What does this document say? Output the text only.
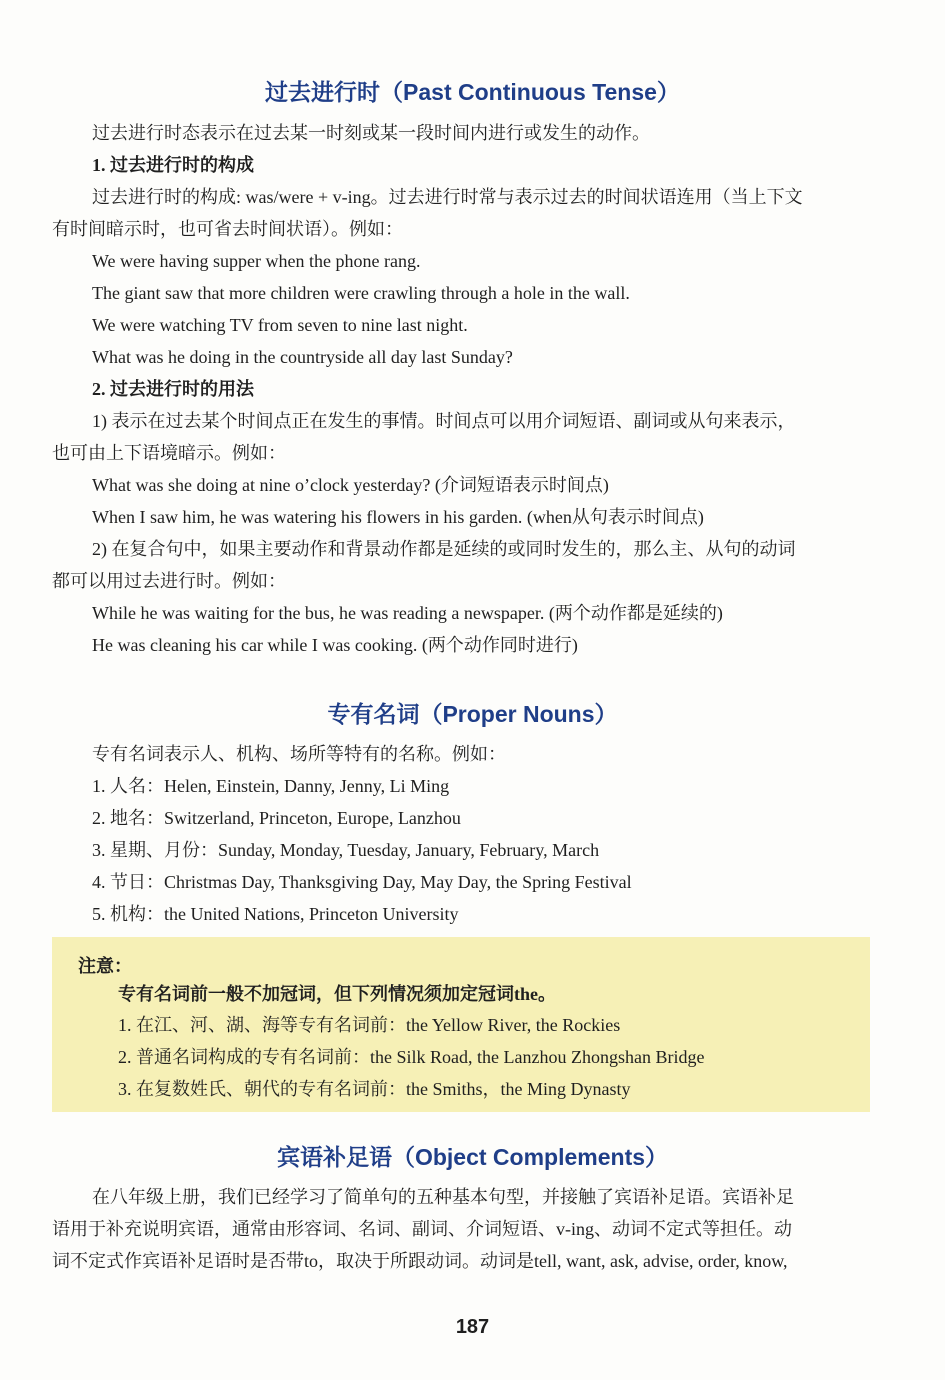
过去进行时（Past Continuous Tense）
过去进行时态表示在过去某一时刻或某一段时间内进行或发生的动作。
1. 过去进行时的构成
过去进行时的构成: was/were + v-ing。过去进行时常与表示过去的时间状语连用（当上下文
有时间暗示时，也可省去时间状语）。例如：
We were having supper when the phone rang.
The giant saw that more children were crawling through a hole in the wall.
We were watching TV from seven to nine last night.
What was he doing in the countryside all day last Sunday?
2. 过去进行时的用法
1) 表示在过去某个时间点正在发生的事情。时间点可以用介词短语、副词或从句来表示，
也可由上下语境暗示。例如：
What was she doing at nine o’clock yesterday? (介词短语表示时间点)
When I saw him, he was watering his flowers in his garden. (when从句表示时间点)
2) 在复合句中，如果主要动作和背景动作都是延续的或同时发生的，那么主、从句的动词
都可以用过去进行时。例如：
While he was waiting for the bus, he was reading a newspaper. (两个动作都是延续的)
He was cleaning his car while I was cooking. (两个动作同时进行)
专有名词（Proper Nouns）
专有名词表示人、机构、场所等特有的名称。例如：
1. 人名：Helen, Einstein, Danny, Jenny, Li Ming
2. 地名：Switzerland, Princeton, Europe, Lanzhou
3. 星期、月份：Sunday, Monday, Tuesday, January, February, March
4. 节日：Christmas Day, Thanksgiving Day, May Day, the Spring Festival
5. 机构：the United Nations, Princeton University
注意：
专有名词前一般不加冠词，但下列情况须加定冠词the。
1. 在江、河、湖、海等专有名词前：the Yellow River, the Rockies
2. 普通名词构成的专有名词前：the Silk Road, the Lanzhou Zhongshan Bridge
3. 在复数姓氏、朝代的专有名词前：the Smiths，the Ming Dynasty
宾语补足语（Object Complements）
在八年级上册，我们已经学习了简单句的五种基本句型，并接触了宾语补足语。宾语补足
语用于补充说明宾语，通常由形容词、名词、副词、介词短语、v-ing、动词不定式等担任。动
词不定式作宾语补足语时是否带to，取决于所跟动词。动词是tell, want, ask, advise, order, know,
187
